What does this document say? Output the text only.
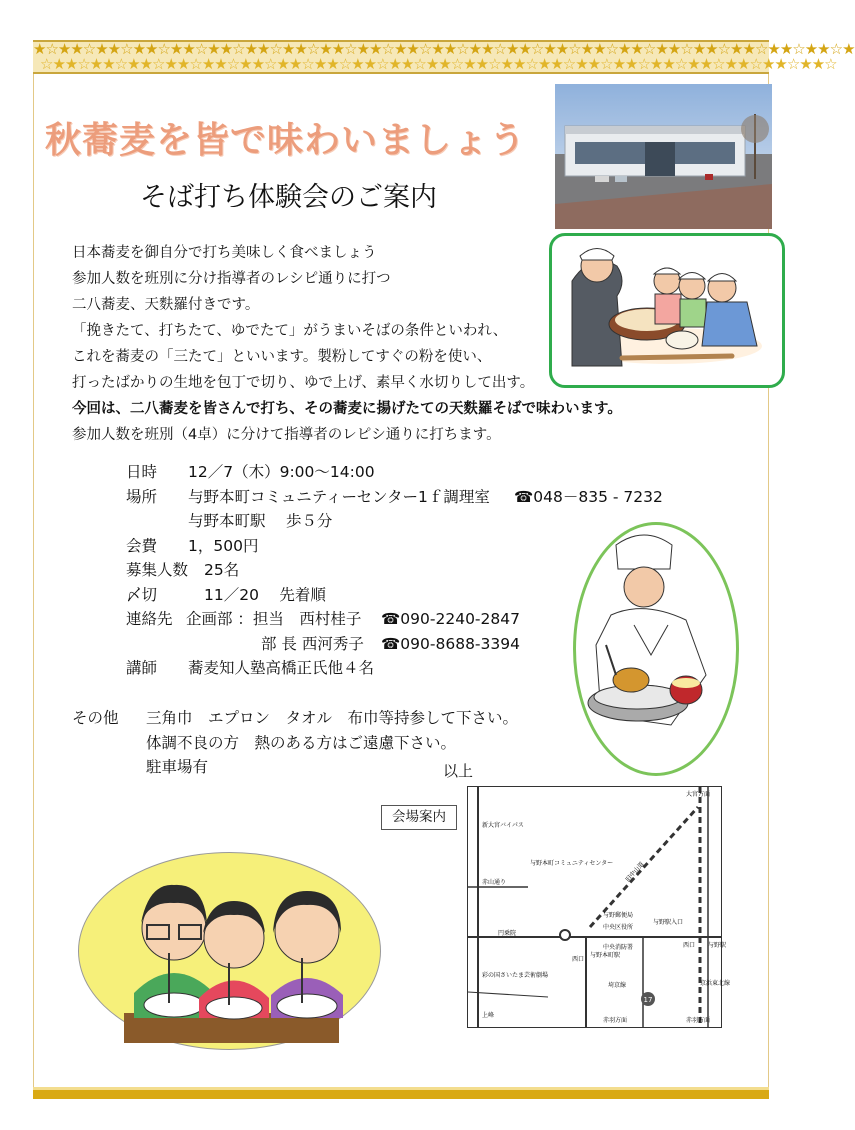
★☆★★☆★★☆★★☆★★☆★★☆★★☆★★☆★★☆★★☆★★☆★★☆★★☆★★☆★★☆★★☆★★☆★★☆★★☆★★☆★★☆★★☆★
☆★★☆★★☆★★☆★★☆★★☆★★☆★★☆★★☆★★☆★★☆★★☆★★☆★★☆★★☆★★☆★★☆★★☆★★☆★★☆★★☆★★☆
秋蕎麦を皆で味わいましょう
そば打ち体験会のご案内
日本蕎麦を御自分で打ち美味しく食べましょう
参加人数を班別に分け指導者のレシピ通りに打つ
二八蕎麦、天麩羅付きです。
「挽きたて、打ちたて、ゆでたて」がうまいそばの条件といわれ、
これを蕎麦の「三たて」といいます。製粉してすぐの粉を使い、
打ったばかりの生地を包丁で切り、ゆで上げ、素早く水切りして出す。
今回は、二八蕎麦を皆さんで打ち、その蕎麦に揚げたての天麩羅そばで味わいます。
参加人数を班別（4卓）に分けて指導者のレピシ通りに打ちます。
日時 12／7（木）9:00～14:00
場所 与野本町コミュニティーセンター1ｆ調理室 ☎048－835 - 7232
与野本町駅　 歩５分
会費 1，500円
募集人数 25名
〆切	11／20　 先着順
連絡先 企画部 ：担当　西村桂子 ☎090-2240-2847
部 長 西河秀子 ☎090-8688-3394
講師 蕎麦知人塾高橋正氏他４名
その他 三角巾　エプロン　タオル　布巾等持参して下さい。
体調不良の方　熱のある方はご遠慮下さい。
駐車場有	以上
会場案内
17
大宮方面
新大宮バイパス
赤山通り
与野本町コミュニティセンター
与野郵便局
与野駅入口
中央区役所
中央消防署
円乗院
西口
西口 与野駅
与野本町駅
京浜東北線
埼京線
彩の国さいたま芸術劇場
上峰
赤羽方面	赤羽方面
旧中山道
